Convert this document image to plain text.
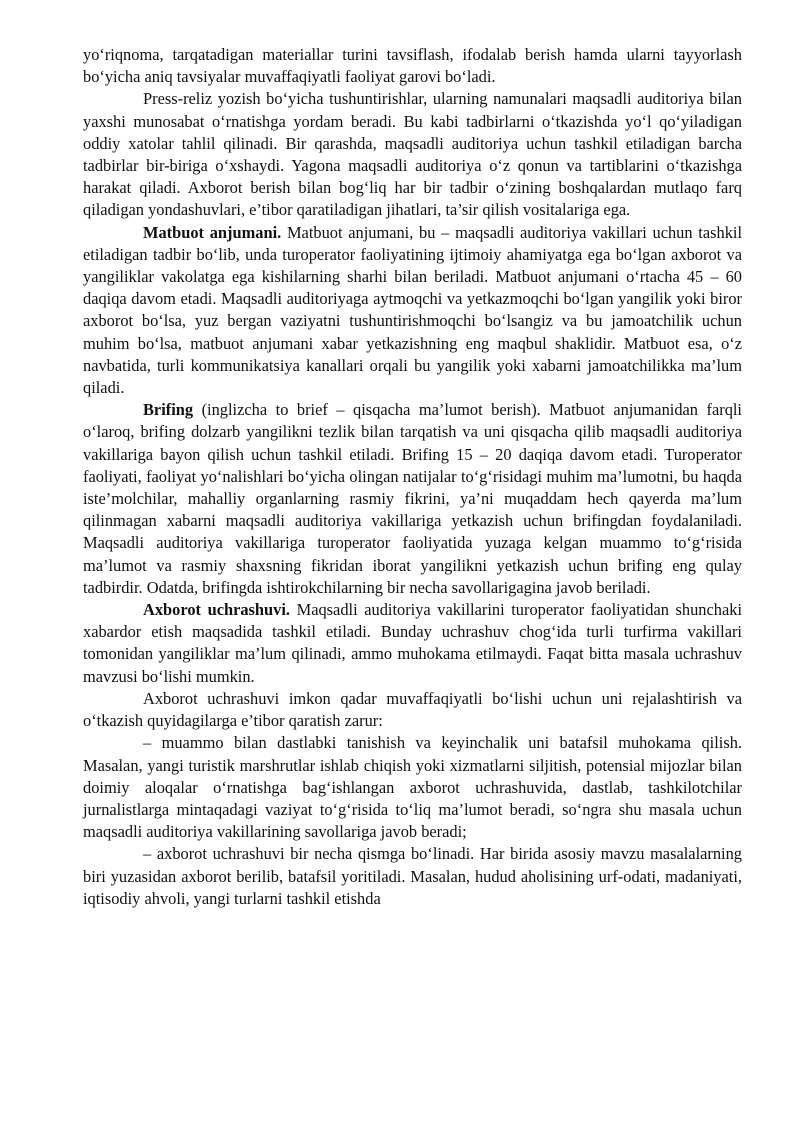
yo‘riqnoma, tarqatadigan materiallar turini tavsiflash, ifodalab berish hamda ularni tayyorlash bo‘yicha aniq tavsiyalar muvaffaqiyatli faoliyat garovi bo‘ladi.

Press-reliz yozish bo‘yicha tushuntirishlar, ularning namunalari maqsadli auditoriya bilan yaxshi munosabat o‘rnatishga yordam beradi. Bu kabi tadbirlarni o‘tkazishda yo‘l qo‘yiladigan oddiy xatolar tahlil qilinadi. Bir qarashda, maqsadli auditoriya uchun tashkil etiladigan barcha tadbirlar bir-biriga o‘xshaydi. Yagona maqsadli auditoriya o‘z qonun va tartiblarini o‘tkazishga harakat qiladi. Axborot berish bilan bog‘liq har bir tadbir o‘zining boshqalardan mutlaqo farq qiladigan yondashuvlari, e’tibor qaratiladigan jihatlari, ta’sir qilish vositalariga ega.

Matbuot anjumani. Matbuot anjumani, bu – maqsadli auditoriya vakillari uchun tashkil etiladigan tadbir bo‘lib, unda turoperator faoliyatining ijtimoiy ahamiyatga ega bo‘lgan axborot va yangiliklar vakolatga ega kishilarning sharhi bilan beriladi. Matbuot anjumani o‘rtacha 45 – 60 daqiqa davom etadi. Maqsadli auditoriyaga aytmoqchi va yetkazmoqchi bo‘lgan yangilik yoki biror axborot bo‘lsa, yuz bergan vaziyatni tushuntirishmoqchi bo‘lsangiz va bu jamoatchilik uchun muhim bo‘lsa, matbuot anjumani xabar yetkazishning eng maqbul shaklidir. Matbuot esa, o‘z navbatida, turli kommunikatsiya kanallari orqali bu yangilik yoki xabarni jamoatchilikka ma’lum qiladi.

Brifing (inglizcha to brief – qisqacha ma’lumot berish). Matbuot anjumanidan farqli o‘laroq, brifing dolzarb yangilikni tezlik bilan tarqatish va uni qisqacha qilib maqsadli auditoriya vakillariga bayon qilish uchun tashkil etiladi. Brifing 15 – 20 daqiqa davom etadi. Turoperator faoliyati, faoliyat yo‘nalishlari bo‘yicha olingan natijalar to‘g‘risidagi muhim ma’lumotni, bu haqda iste’molchilar, mahalliy organlarning rasmiy fikrini, ya’ni muqaddam hech qayerda ma’lum qilinmagan xabarni maqsadli auditoriya vakillariga yetkazish uchun brifingdan foydalaniladi. Maqsadli auditoriya vakillariga turoperator faoliyatida yuzaga kelgan muammo to‘g‘risida ma’lumot va rasmiy shaxsning fikridan iborat yangilikni yetkazish uchun brifing eng qulay tadbirdir. Odatda, brifingda ishtirokchilarning bir necha savollarigagina javob beriladi.

Axborot uchrashuvi. Maqsadli auditoriya vakillarini turoperator faoliyatidan shunchaki xabardor etish maqsadida tashkil etiladi. Bunday uchrashuv chog‘ida turli turfirma vakillari tomonidan yangiliklar ma’lum qilinadi, ammo muhokama etilmaydi. Faqat bitta masala uchrashuv mavzusi bo‘lishi mumkin.

Axborot uchrashuvi imkon qadar muvaffaqiyatli bo‘lishi uchun uni rejalashtirish va o‘tkazish quyidagilarga e’tibor qaratish zarur:

– muammo bilan dastlabki tanishish va keyinchalik uni batafsil muhokama qilish. Masalan, yangi turistik marshrutlar ishlab chiqish yoki xizmatlarni siljitish, potensial mijozlar bilan doimiy aloqalar o‘rnatishga bag‘ishlangan axborot uchrashuvida, dastlab, tashkilotchilar jurnalistlarga mintaqadagi vaziyat to‘g‘risida to‘liq ma’lumot beradi, so‘ngra shu masala uchun maqsadli auditoriya vakillarining savollariga javob beradi;

– axborot uchrashuvi bir necha qismga bo‘linadi. Har birida asosiy mavzu masalalarning biri yuzasidan axborot berilib, batafsil yoritiladi. Masalan, hudud aholisining urf-odati, madaniyati, iqtisodiy ahvoli, yangi turlarni tashkil etishda
